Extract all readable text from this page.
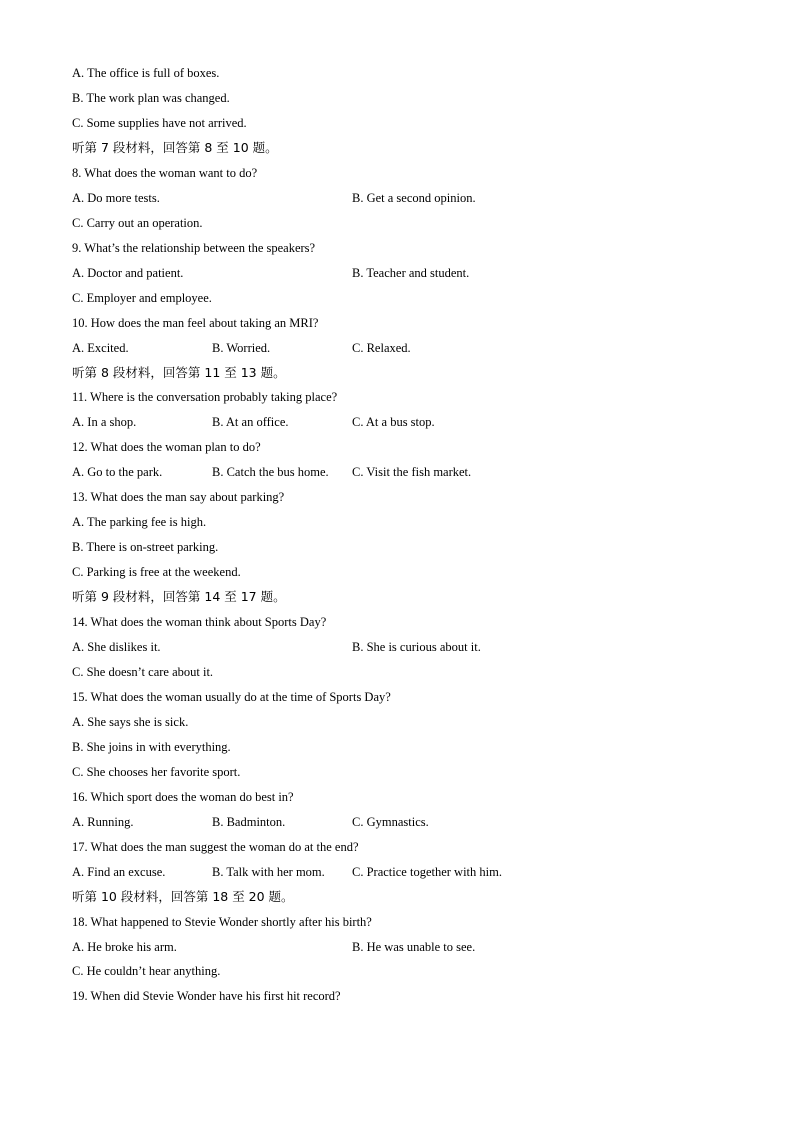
A. The office is full of boxes.
B. The work plan was changed.
C. Some supplies have not arrived.
听第 7 段材料，回答第 8 至 10 题。
8. What does the woman want to do?
A. Do more tests.	B. Get a second opinion.
C. Carry out an operation.
9. What’s the relationship between the speakers?
A. Doctor and patient.	B. Teacher and student.
C. Employer and employee.
10. How does the man feel about taking an MRI?
A. Excited.	B. Worried.	C. Relaxed.
听第 8 段材料，回答第 11 至 13 题。
11. Where is the conversation probably taking place?
A. In a shop.	B. At an office.	C. At a bus stop.
12. What does the woman plan to do?
A. Go to the park.	B. Catch the bus home. C. Visit the fish market.
13. What does the man say about parking?
A. The parking fee is high.
B. There is on-street parking.
C. Parking is free at the weekend.
听第 9 段材料，回答第 14 至 17 题。
14. What does the woman think about Sports Day?
A. She dislikes it.	B. She is curious about it.
C. She doesn’t care about it.
15. What does the woman usually do at the time of Sports Day?
A. She says she is sick.
B. She joins in with everything.
C. She chooses her favorite sport.
16. Which sport does the woman do best in?
A. Running.	B. Badminton.	C. Gymnastics.
17. What does the man suggest the woman do at the end?
A. Find an excuse.	B. Talk with her mom. C. Practice together with him.
听第 10 段材料，回答第 18 至 20 题。
18. What happened to Stevie Wonder shortly after his birth?
A. He broke his arm.	B. He was unable to see.
C. He couldn’t hear anything.
19. When did Stevie Wonder have his first hit record?
